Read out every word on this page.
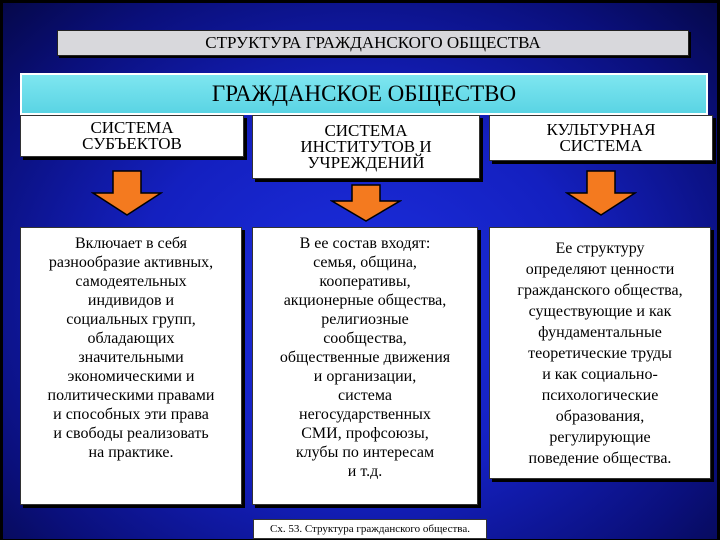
СТРУКТУРА ГРАЖДАНСКОГО ОБЩЕСТВА
ГРАЖДАНСКОЕ ОБЩЕСТВО
СИСТЕМА
СУБЪЕКТОВ
СИСТЕМА
ИНСТИТУТОВ И
УЧРЕЖДЕНИЙ
КУЛЬТУРНАЯ
СИСТЕМА
Включает в себя
разнообразие активных,
самодеятельных
индивидов и
социальных групп,
обладающих
значительными
экономическими и
политическими правами
и способных эти права
и свободы реализовать
на практике.
В ее состав входят:
семья, община,
кооперативы,
акционерные общества,
религиозные
сообщества,
общественные движения
и организации,
система
негосударственных
СМИ, профсоюзы,
клубы по интересам
и т.д.
Ее структуру
определяют ценности
гражданского общества,
существующие и как
фундаментальные
теоретические труды
и как социально-
психологические
образования,
регулирующие
поведение общества.
Сх. 53. Структура гражданского общества.
